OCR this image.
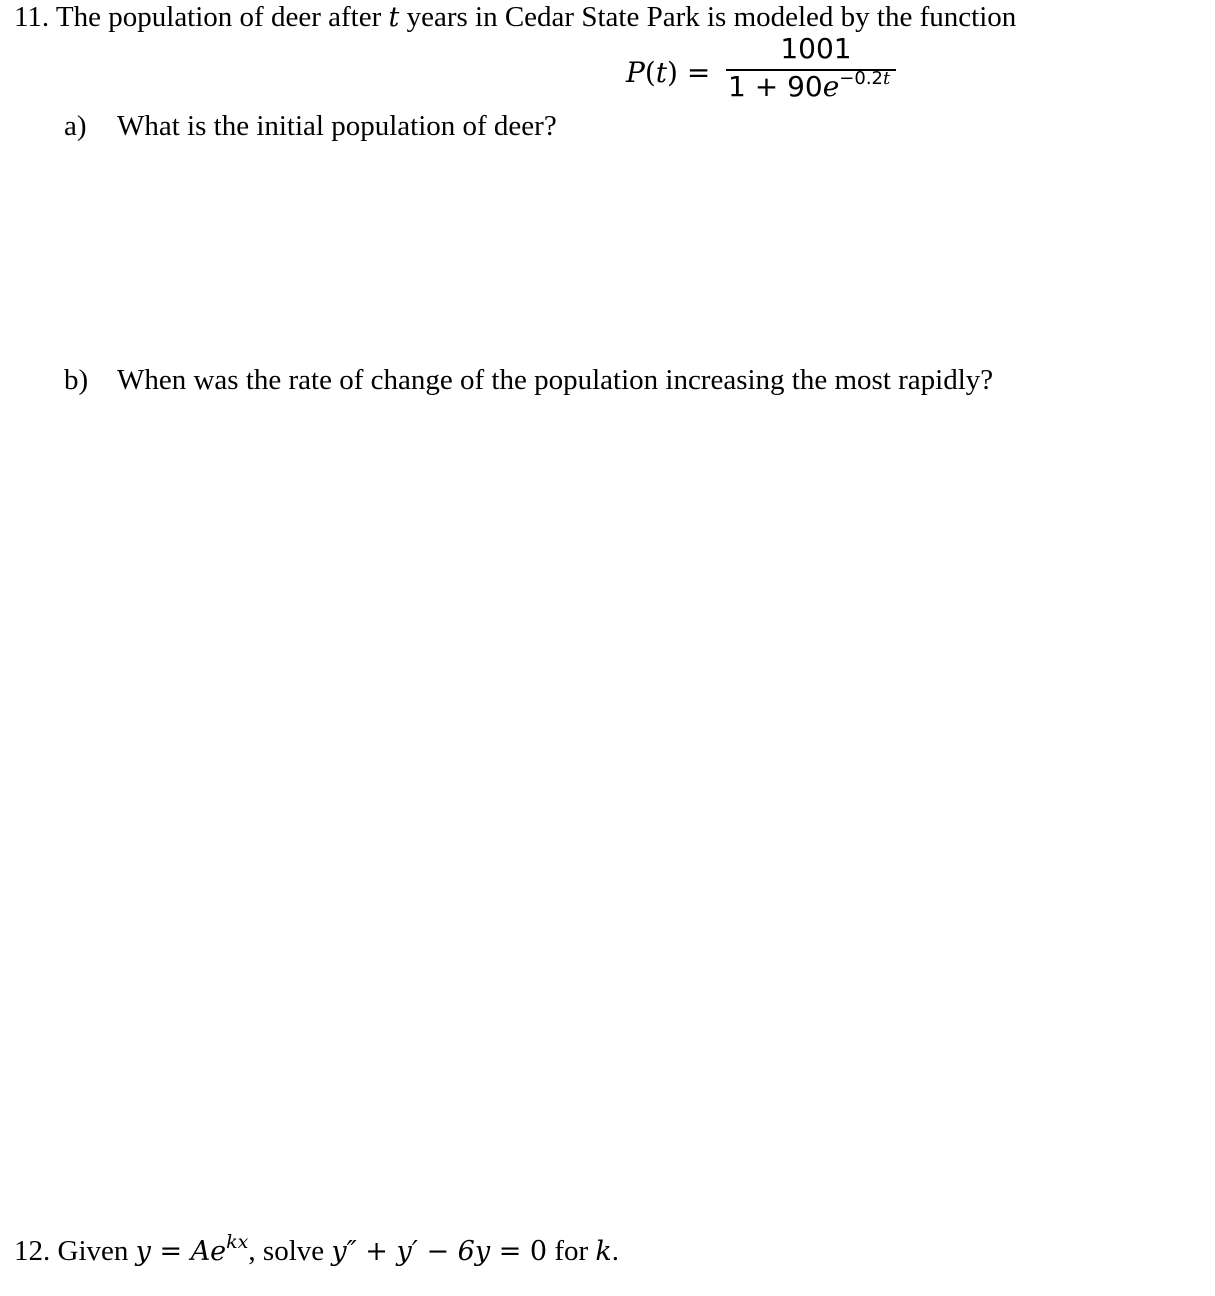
11. The population of deer after t years in Cedar State Park is modeled by the function
P(t) =
1001
$1 + 90e^{-0.2t}$
a) What is the initial population of deer?
b) When was the rate of change of the population increasing the most rapidly?
12. Given $y = Ae^{kx}$, solve y″ + y′ − 6y = 0 for k.
